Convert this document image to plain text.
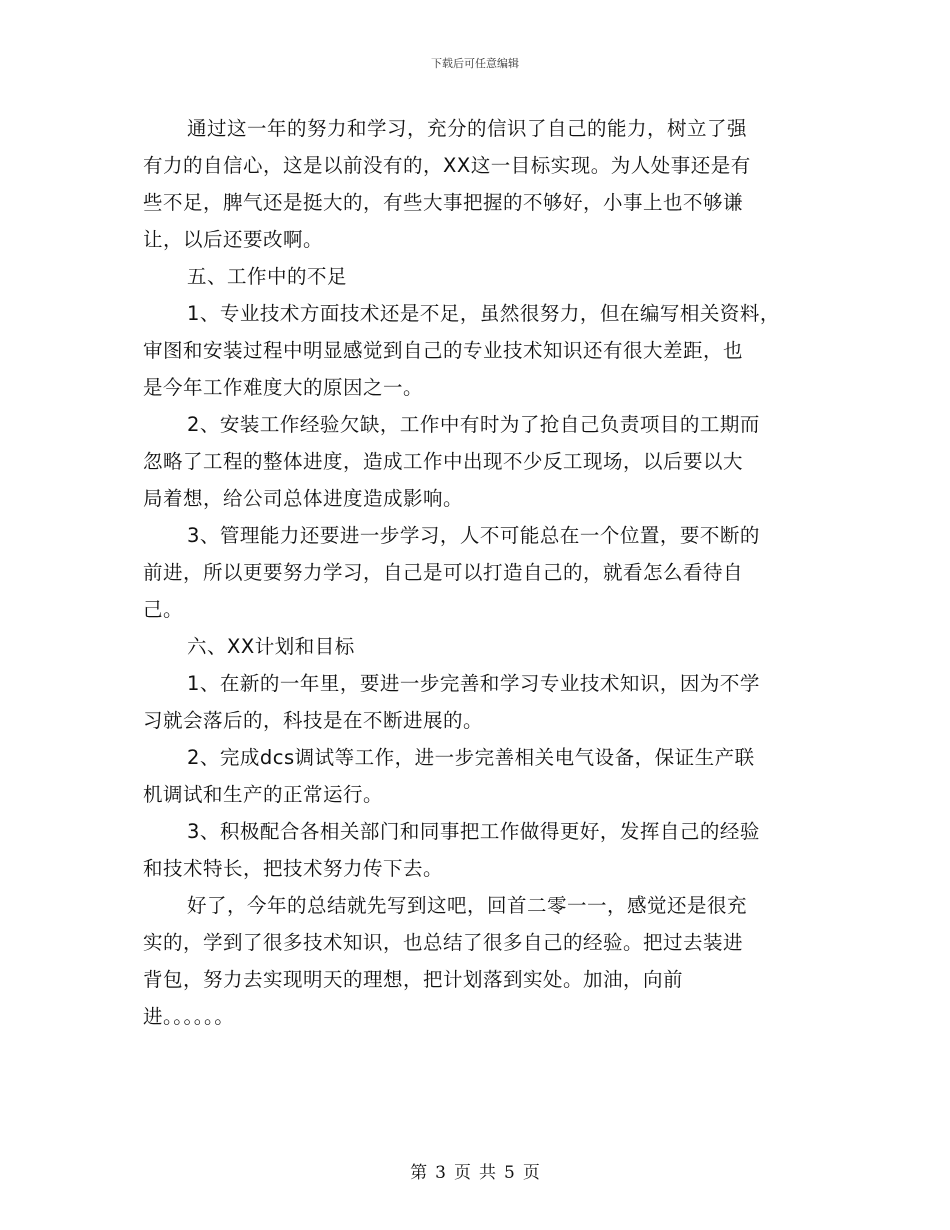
下载后可任意编辑
通过这一年的努力和学习，充分的信识了自己的能力，树立了强
有力的自信心，这是以前没有的，XX这一目标实现。为人处事还是有
些不足，脾气还是挺大的，有些大事把握的不够好，小事上也不够谦
让，以后还要改啊。
五、工作中的不足
1、专业技术方面技术还是不足，虽然很努力，但在编写相关资料，
审图和安装过程中明显感觉到自己的专业技术知识还有很大差距，也
是今年工作难度大的原因之一。
2、安装工作经验欠缺，工作中有时为了抢自己负责项目的工期而
忽略了工程的整体进度，造成工作中出现不少反工现场，以后要以大
局着想，给公司总体进度造成影响。
3、管理能力还要进一步学习，人不可能总在一个位置，要不断的
前进，所以更要努力学习，自己是可以打造自己的，就看怎么看待自
己。
六、XX计划和目标
1、在新的一年里，要进一步完善和学习专业技术知识，因为不学
习就会落后的，科技是在不断进展的。
2、完成dcs调试等工作，进一步完善相关电气设备，保证生产联
机调试和生产的正常运行。
3、积极配合各相关部门和同事把工作做得更好，发挥自己的经验
和技术特长，把技术努力传下去。
好了，今年的总结就先写到这吧，回首二零一一，感觉还是很充
实的，学到了很多技术知识，也总结了很多自己的经验。把过去装进
背包，努力去实现明天的理想，把计划落到实处。加油，向前
进。。。。。。
第 3 页 共 5 页
